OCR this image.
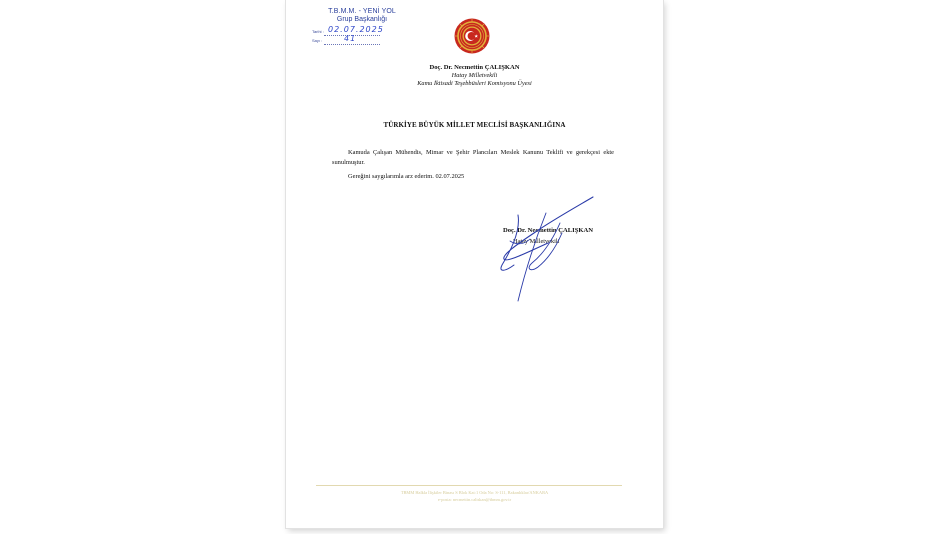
T.B.M.M. - YENİ YOL
Grup Başkanlığı
Tarihi :
Sayı :
02.07.2025
41
Doç. Dr. Necmettin ÇALIŞKAN
Hatay Milletvekili
Kamu İktisadi Teşebbüsleri Komisyonu Üyesi
TÜRKİYE BÜYÜK MİLLET MECLİSİ BAŞKANLIĞINA
Kamuda Çalışan Mühendis, Mimar ve Şehir Plancıları Meslek Kanunu Teklifi ve gerekçesi ekte sunulmuştur.
Gereğini saygılarımla arz ederim. 02.07.2025
Doç. Dr. Necmettin ÇALIŞKAN
Hatay Milletvekili
TBMM Halkla İlişkiler Binası S Blok Kat:1 Oda No: S-111, Bakanlıklar/ANKARA
e-posta: necmettin.caliskan@tbmm.gov.tr
